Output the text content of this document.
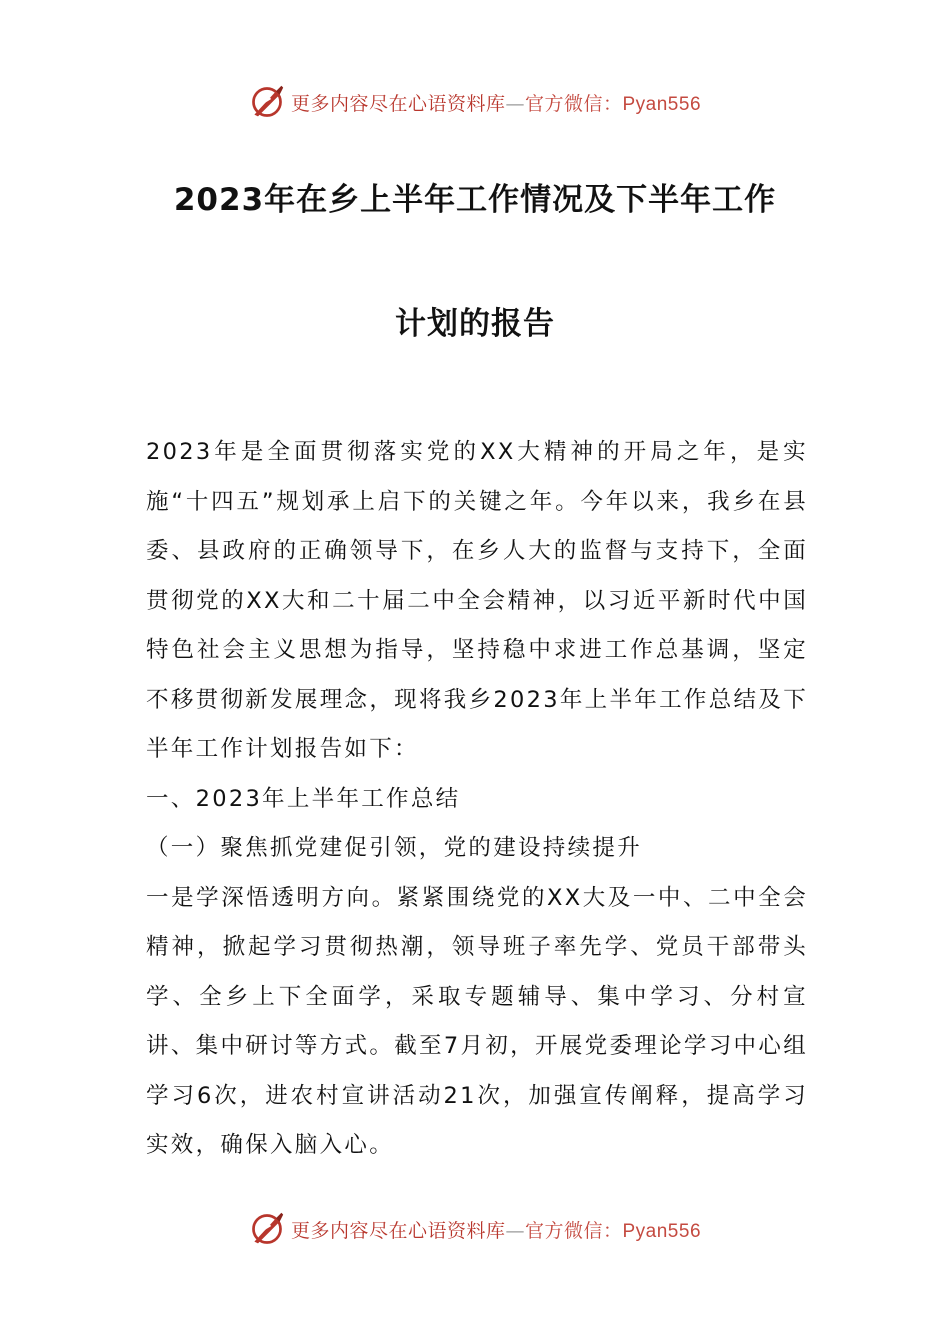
更多内容尽在心语资料库—官方微信：Pyan556
2023年在乡上半年工作情况及下半年工作
计划的报告

2023年是全面贯彻落实党的XX大精神的开局之年，是实施“十四五”规划承上启下的关键之年。今年以来，我乡在县委、县政府的正确领导下，在乡人大的监督与支持下，全面贯彻党的XX大和二十届二中全会精神，以习近平新时代中国特色社会主义思想为指导，坚持稳中求进工作总基调，坚定不移贯彻新发展理念，现将我乡2023年上半年工作总结及下半年工作计划报告如下：

一、2023年上半年工作总结

（一）聚焦抓党建促引领，党的建设持续提升

一是学深悟透明方向。紧紧围绕党的XX大及一中、二中全会精神，掀起学习贯彻热潮，领导班子率先学、党员干部带头学、全乡上下全面学，采取专题辅导、集中学习、分村宣讲、集中研讨等方式。截至7月初，开展党委理论学习中心组学习6次，进农村宣讲活动21次，加强宣传阐释，提高学习实效，确保入脑入心。

更多内容尽在心语资料库—官方微信：Pyan556
